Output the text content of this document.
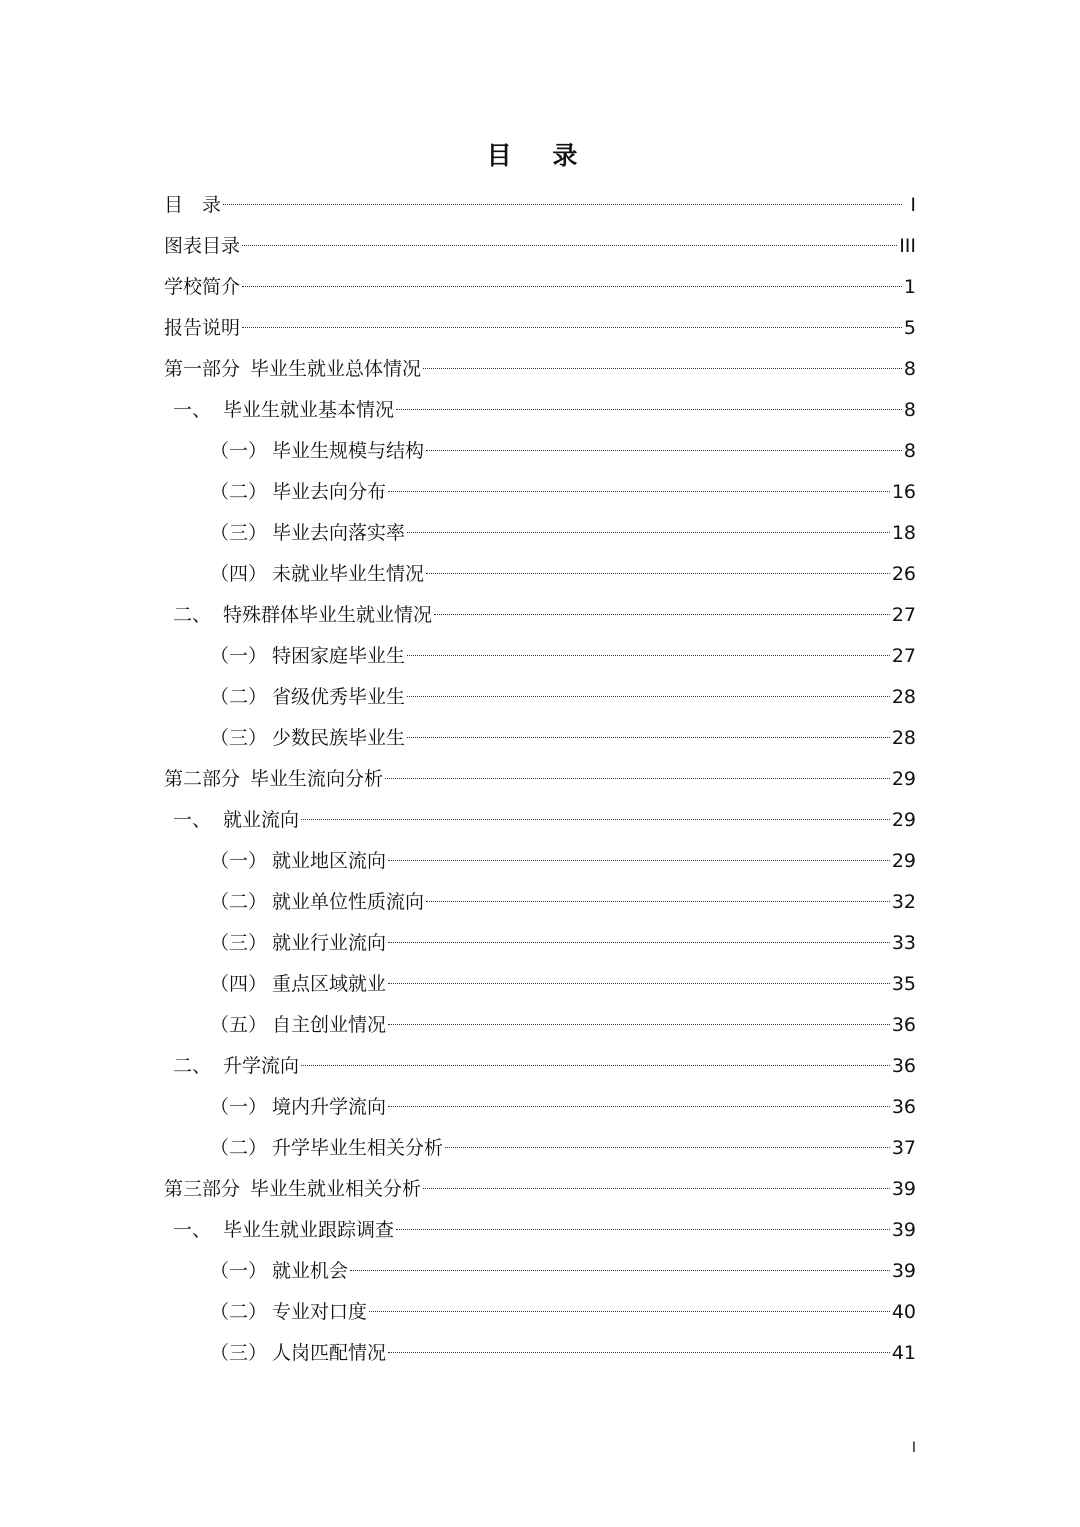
目 录
目　录	I
图表目录	III
学校简介	1
报告说明	5
第一部分 毕业生就业总体情况	8
一、 毕业生就业基本情况	8
（一） 毕业生规模与结构	8
（二） 毕业去向分布	16
（三） 毕业去向落实率	18
（四） 未就业毕业生情况	26
二、 特殊群体毕业生就业情况	27
（一） 特困家庭毕业生	27
（二） 省级优秀毕业生	28
（三） 少数民族毕业生	28
第二部分 毕业生流向分析	29
一、 就业流向	29
（一） 就业地区流向	29
（二） 就业单位性质流向	32
（三） 就业行业流向	33
（四） 重点区域就业	35
（五） 自主创业情况	36
二、 升学流向	36
（一） 境内升学流向	36
（二） 升学毕业生相关分析	37
第三部分 毕业生就业相关分析	39
一、 毕业生就业跟踪调查	39
（一） 就业机会	39
（二） 专业对口度	40
（三） 人岗匹配情况	41
I
